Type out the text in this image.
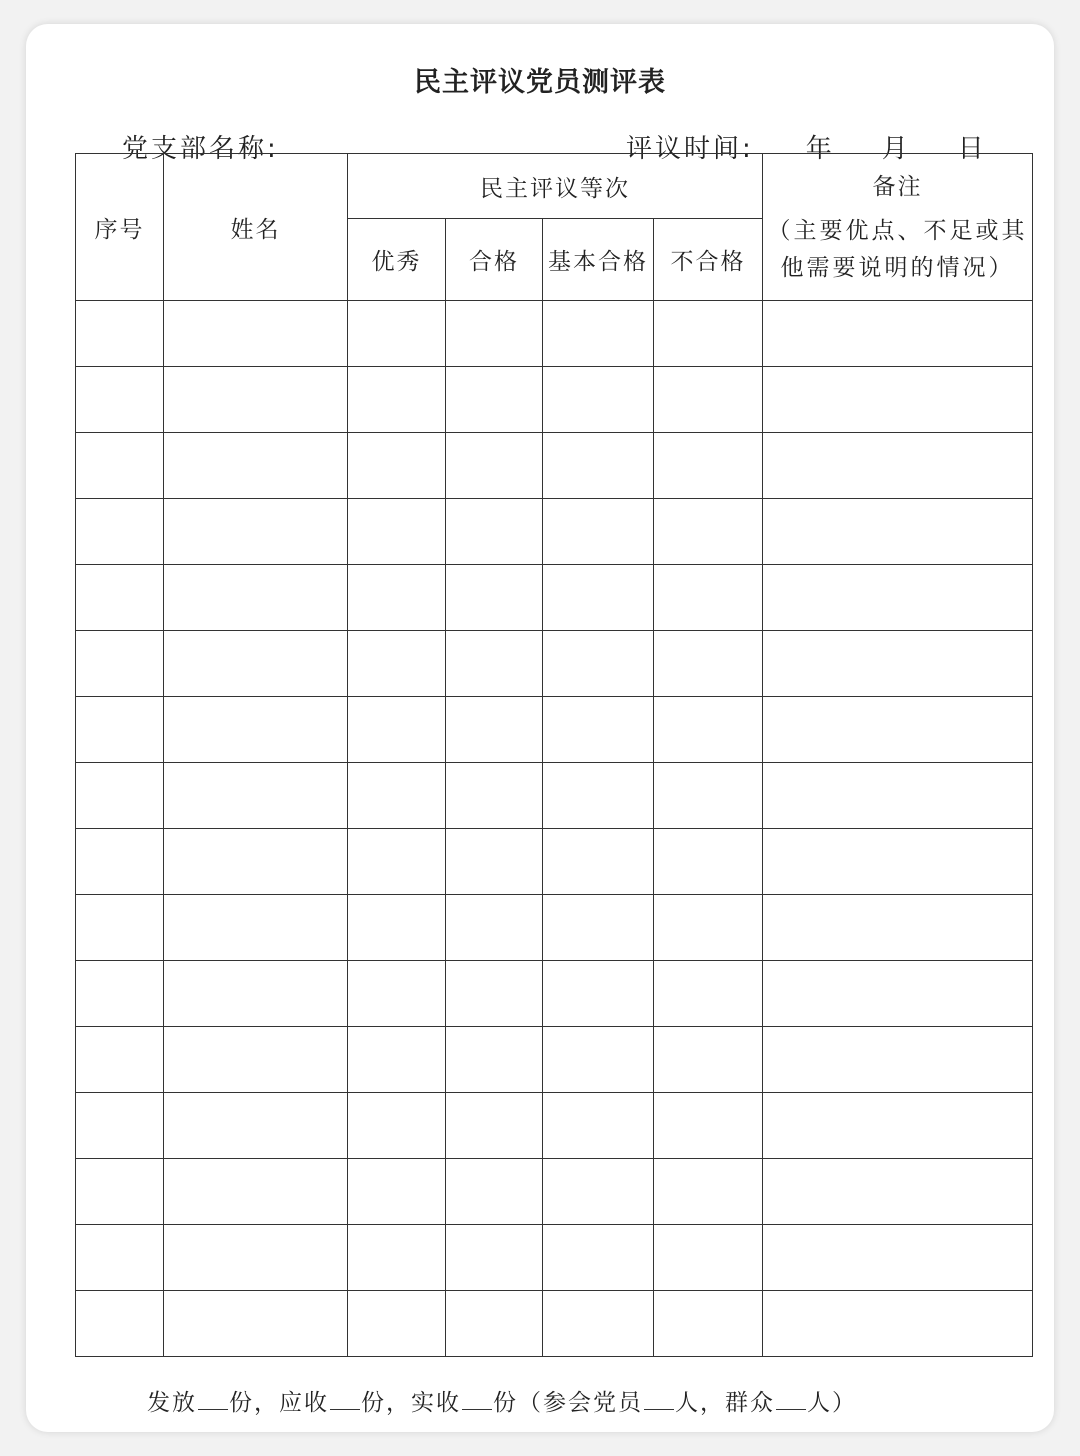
民主评议党员测评表
党支部名称:	评议时间: 年	月	日
序号	姓名	民主评议等次				备注
（主要优点、不足或其他需要说明的情况）

		优秀	合格	基本合格	不合格	

发放 份，应收 份，实收 份（参会党员 人，群众 人）
